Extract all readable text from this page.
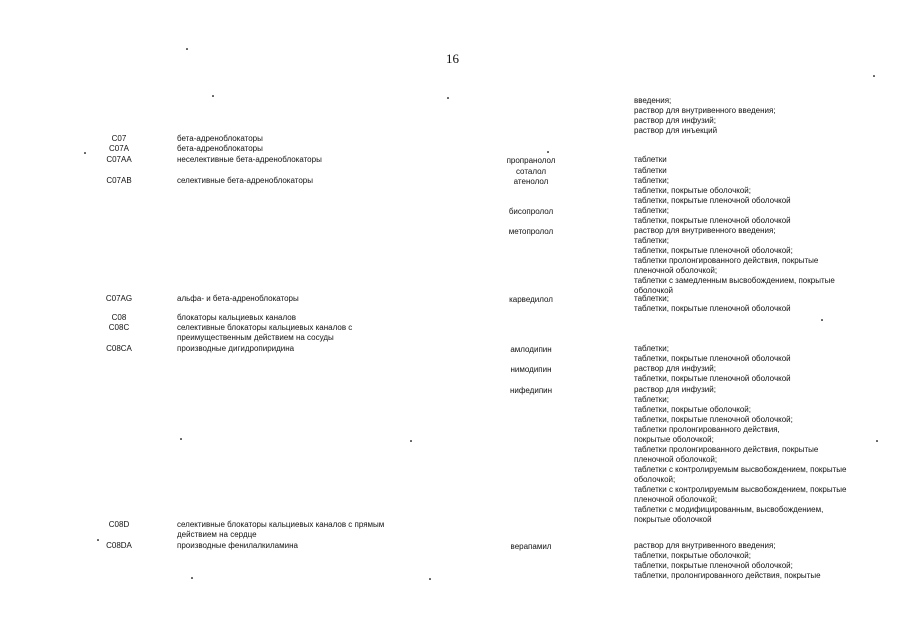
16
введения;
раствор для внутривенного введения;
раствор для инфузий;
раствор для инъекций
C07	бета-адреноблокаторы
C07A	бета-адреноблокаторы
C07AA	неселективные бета-адреноблокаторы	пропранолол	таблетки
соталол	таблетки
C07AB	селективные бета-адреноблокаторы	атенолол	таблетки;
таблетки, покрытые оболочкой;
таблетки, покрытые пленочной оболочкой
бисопролол	таблетки;
таблетки, покрытые пленочной оболочкой
метопролол	раствор для внутривенного введения;
таблетки;
таблетки, покрытые пленочной оболочкой;
таблетки пролонгированного действия, покрытые
пленочной оболочкой;
таблетки с замедленным высвобождением, покрытые
оболочкой
C07AG	альфа- и бета-адреноблокаторы	карведилол	таблетки;
таблетки, покрытые пленочной оболочкой
C08	блокаторы кальциевых каналов
C08C	селективные блокаторы кальциевых каналов с
преимущественным действием на сосуды
C08CA	производные дигидропиридина	амлодипин	таблетки;
таблетки, покрытые пленочной оболочкой
нимодипин	раствор для инфузий;
таблетки, покрытые пленочной оболочкой
нифедипин	раствор для инфузий;
таблетки;
таблетки, покрытые оболочкой;
таблетки, покрытые пленочной оболочкой;
таблетки пролонгированного действия,
покрытые оболочкой;
таблетки пролонгированного действия, покрытые
пленочной оболочкой;
таблетки с контролируемым высвобождением, покрытые
оболочкой;
таблетки с контролируемым высвобождением, покрытые
пленочной оболочкой;
таблетки с модифицированным, высвобождением,
покрытые оболочкой
C08D	селективные блокаторы кальциевых каналов с прямым
действием на сердце
C08DA	производные фенилалкиламина	верапамил	раствор для внутривенного введения;
таблетки, покрытые оболочкой;
таблетки, покрытые пленочной оболочкой;
таблетки, пролонгированного действия, покрытые
